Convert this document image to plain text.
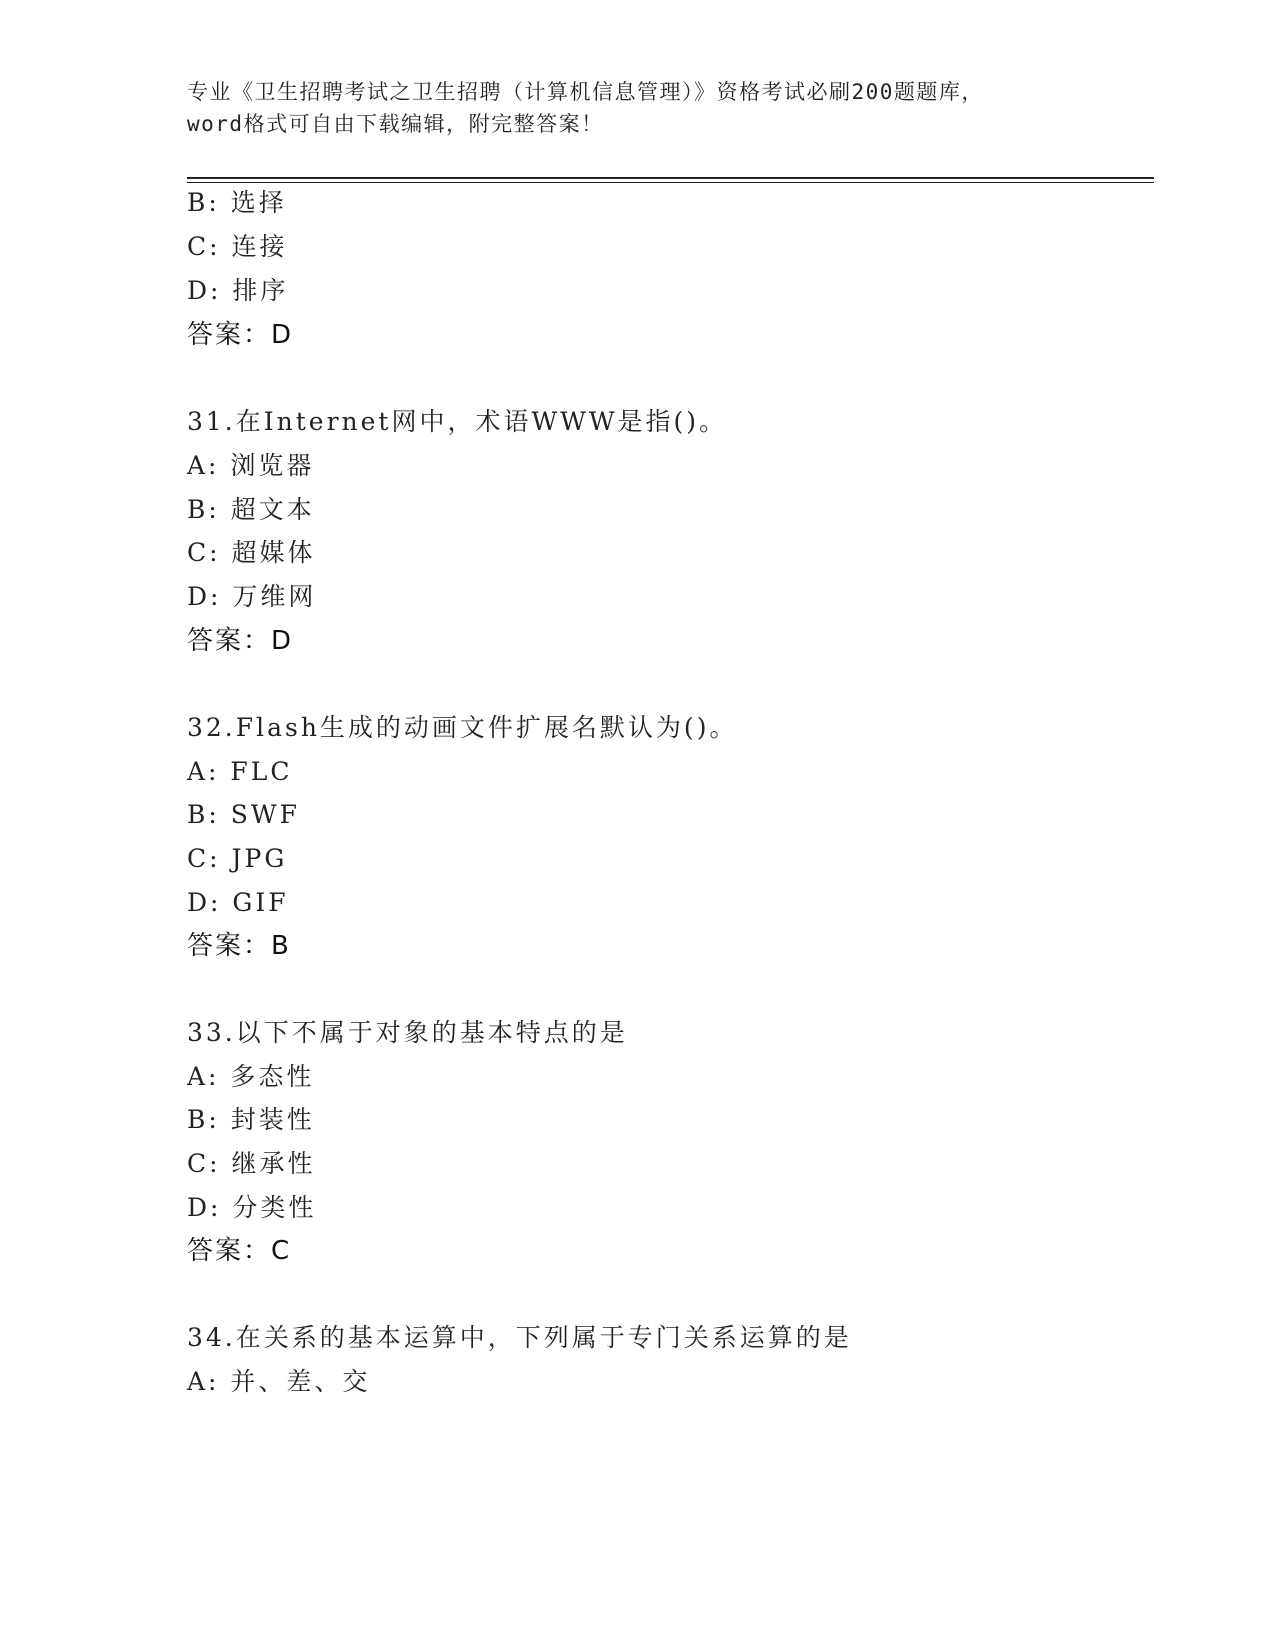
专业《卫生招聘考试之卫生招聘（计算机信息管理）》资格考试必刷200题题库，
word格式可自由下载编辑，附完整答案！
B: 选择
C: 连接
D: 排序
答案：D
31.在Internet网中，术语WWW是指()。
A: 浏览器
B: 超文本
C: 超媒体
D: 万维网
答案：D
32.Flash生成的动画文件扩展名默认为()。
A: FLC
B: SWF
C: JPG
D: GIF
答案：B
33.以下不属于对象的基本特点的是
A: 多态性
B: 封装性
C: 继承性
D: 分类性
答案：C
34.在关系的基本运算中，下列属于专门关系运算的是
A: 并、差、交
